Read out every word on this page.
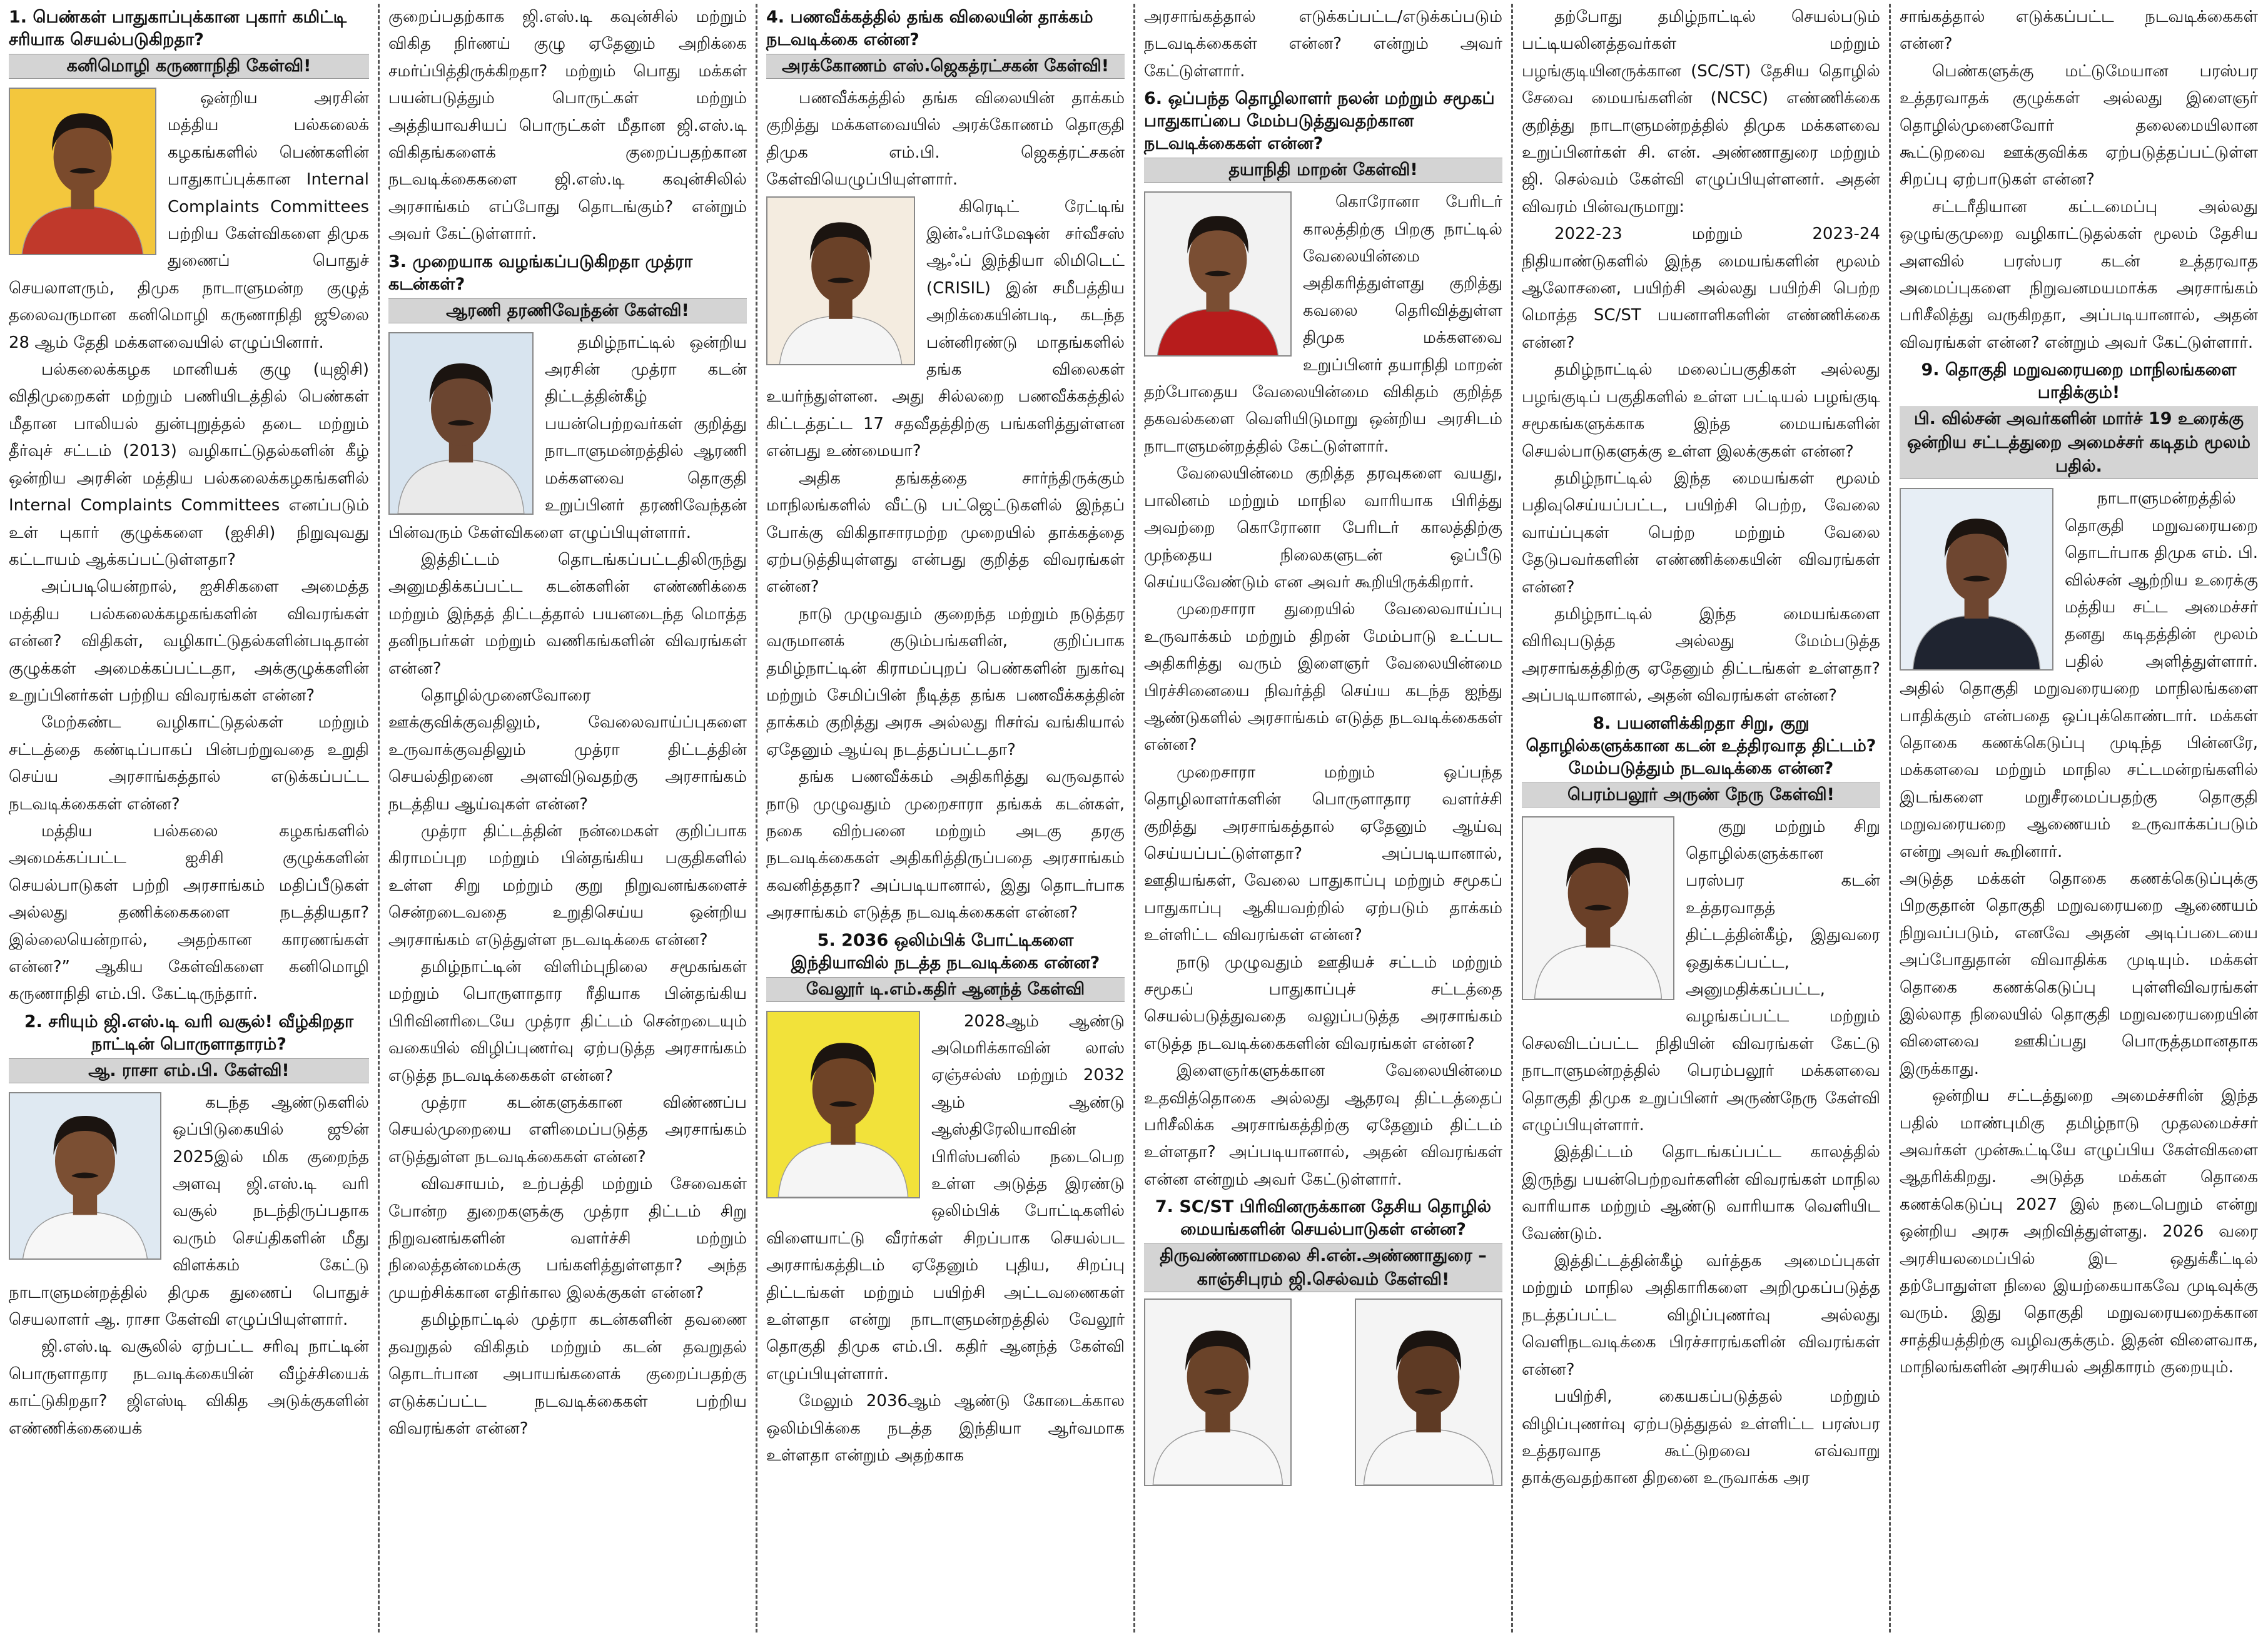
1. பெண்கள் பாதுகாப்புக்கான புகார் கமிட்டி சரியாக செயல்படுகிறதா?
கனிமொழி கருணாநிதி கேள்வி!

ஒன்றிய அரசின் மத்திய பல்கலைக் கழகங்களில் பெண்களின் பாதுகாப்புக்கான Internal Complaints Committees பற்றிய கேள்விகளை திமுக துணைப் பொதுச் செயலாளரும், திமுக நாடாளுமன்ற குழுத் தலைவருமான கனிமொழி கருணாநிதி ஜூலை 28 ஆம் தேதி மக்களவையில் எழுப்பினார்.

பல்கலைக்கழக மானியக் குழு (யுஜிசி) விதிமுறைகள் மற்றும் பணியிடத்தில் பெண்கள் மீதான பாலியல் துன்புறுத்தல் தடை மற்றும் தீர்வுச் சட்டம் (2013) வழிகாட்டுதல்களின் கீழ் ஒன்றிய அரசின் மத்திய பல்கலைக்கழகங்களில் Internal Complaints Committees எனப்படும் உள் புகார் குழுக்களை (ஐசிசி) நிறுவுவது கட்டாயம் ஆக்கப்பட்டுள்ளதா?

அப்படியென்றால், ஐசிசிகளை அமைத்த மத்திய பல்கலைக்கழகங்களின் விவரங்கள் என்ன? விதிகள், வழிகாட்டுதல்களின்படிதான் குழுக்கள் அமைக்கப்பட்டதா, அக்குழுக்களின் உறுப்பினர்கள் பற்றிய விவரங்கள் என்ன?

மேற்கண்ட வழிகாட்டுதல்கள் மற்றும் சட்டத்தை கண்டிப்பாகப் பின்பற்றுவதை உறுதி செய்ய அரசாங்கத்தால் எடுக்கப்பட்ட நடவடிக்கைகள் என்ன?

மத்திய பல்கலை கழகங்களில் அமைக்கப்பட்ட ஐசிசி குழுக்களின் செயல்பாடுகள் பற்றி அரசாங்கம் மதிப்பீடுகள் அல்லது தணிக்கைகளை நடத்தியதா? இல்லையென்றால், அதற்கான காரணங்கள் என்ன?” ஆகிய கேள்விகளை கனிமொழி கருணாநிதி எம்.பி. கேட்டிருந்தார்.

2. சரியும் ஜி.எஸ்.டி வரி வசூல்! வீழ்கிறதா நாட்டின் பொருளாதாரம்?
ஆ. ராசா எம்.பி. கேள்வி!

கடந்த ஆண்டுகளில் ஒப்பிடுகையில் ஜூன் 2025இல் மிக குறைந்த அளவு ஜி.எஸ்.டி வரி வசூல் நடந்திருப்பதாக வரும் செய்திகளின் மீது விளக்கம் கேட்டு நாடாளுமன்றத்தில் திமுக துணைப் பொதுச் செயலாளர் ஆ. ராசா கேள்வி எழுப்பியுள்ளார்.

ஜி.எஸ்.டி வசூலில் ஏற்பட்ட சரிவு நாட்டின் பொருளாதார நடவடிக்கையின் வீழ்ச்சியைக் காட்டுகிறதா? ஜிஎஸ்டி விகித அடுக்குகளின் எண்ணிக்கையைக்

குறைப்பதற்காக ஜி.எஸ்.டி கவுன்சில் மற்றும் விகித நிர்ணய் குழு ஏதேனும் அறிக்கை சமர்ப்பித்திருக்கிறதா? மற்றும் பொது மக்கள் பயன்படுத்தும் பொருட்கள் மற்றும் அத்தியாவசியப் பொருட்கள் மீதான ஜி.எஸ்.டி விகிதங்களைக் குறைப்பதற்கான நடவடிக்கைகளை ஜி.எஸ்.டி கவுன்சிலில் அரசாங்கம் எப்போது தொடங்கும்? என்றும் அவர் கேட்டுள்ளார்.

3. முறையாக வழங்கப்படுகிறதா முத்ரா கடன்கள்?
ஆரணி தரணிவேந்தன் கேள்வி!

தமிழ்நாட்டில் ஒன்றிய அரசின் முத்ரா கடன் திட்டத்தின்கீழ் பயன்பெற்றவர்கள் குறித்து நாடாளுமன்றத்தில் ஆரணி மக்களவை தொகுதி உறுப்பினர் தரணிவேந்தன் பின்வரும் கேள்விகளை எழுப்பியுள்ளார்.

இத்திட்டம் தொடங்கப்பட்டதிலிருந்து அனுமதிக்கப்பட்ட கடன்களின் எண்ணிக்கை மற்றும் இந்தத் திட்டத்தால் பயனடைந்த மொத்த தனிநபர்கள் மற்றும் வணிகங்களின் விவரங்கள் என்ன?

தொழில்முனைவோரை ஊக்குவிக்குவதிலும், வேலைவாய்ப்புகளை உருவாக்குவதிலும் முத்ரா திட்டத்தின் செயல்திறனை அளவிடுவதற்கு அரசாங்கம் நடத்திய ஆய்வுகள் என்ன?

முத்ரா திட்டத்தின் நன்மைகள் குறிப்பாக கிராமப்புற மற்றும் பின்தங்கிய பகுதிகளில் உள்ள சிறு மற்றும் குறு நிறுவனங்களைச் சென்றடைவதை உறுதிசெய்ய ஒன்றிய அரசாங்கம் எடுத்துள்ள நடவடிக்கை என்ன?

தமிழ்நாட்டின் விளிம்புநிலை சமூகங்கள் மற்றும் பொருளாதார ரீதியாக பின்தங்கிய பிரிவினரிடையே முத்ரா திட்டம் சென்றடையும் வகையில் விழிப்புணர்வு ஏற்படுத்த அரசாங்கம் எடுத்த நடவடிக்கைகள் என்ன?

முத்ரா கடன்களுக்கான விண்ணப்ப செயல்முறையை எளிமைப்படுத்த அரசாங்கம் எடுத்துள்ள நடவடிக்கைகள் என்ன?

விவசாயம், உற்பத்தி மற்றும் சேவைகள் போன்ற துறைகளுக்கு முத்ரா திட்டம் சிறு நிறுவனங்களின் வளர்ச்சி மற்றும் நிலைத்தன்மைக்கு பங்களித்துள்ளதா? அந்த முயற்சிக்கான எதிர்கால இலக்குகள் என்ன?

தமிழ்நாட்டில் முத்ரா கடன்களின் தவணை தவறுதல் விகிதம் மற்றும் கடன் தவறுதல் தொடர்பான அபாயங்களைக் குறைப்பதற்கு எடுக்கப்பட்ட நடவடிக்கைகள் பற்றிய விவரங்கள் என்ன?

4. பணவீக்கத்தில் தங்க விலையின் தாக்கம் நடவடிக்கை என்ன?
அரக்கோணம் எஸ்.ஜெகத்ரட்சகன் கேள்வி!

பணவீக்கத்தில் தங்க விலையின் தாக்கம் குறித்து மக்களவையில் அரக்கோணம் தொகுதி திமுக எம்.பி. ஜெகத்ரட்சகன் கேள்வியெழுப்பியுள்ளார்.

கிரெடிட் ரேட்டிங் இன்ஃபர்மேஷன் சர்வீசஸ் ஆஃப் இந்தியா லிமிடெட் (CRISIL) இன் சமீபத்திய அறிக்கையின்படி, கடந்த பன்னிரண்டு மாதங்களில் தங்க விலைகள் உயர்ந்துள்ளன. அது சில்லறை பணவீக்கத்தில் கிட்டத்தட்ட 17 சதவீதத்திற்கு பங்களித்துள்ளன என்பது உண்மையா?

அதிக தங்கத்தை சார்ந்திருக்கும் மாநிலங்களில் வீட்டு பட்ஜெட்டுகளில் இந்தப் போக்கு விகிதாசாரமற்ற முறையில் தாக்கத்தை ஏற்படுத்தியுள்ளது என்பது குறித்த விவரங்கள் என்ன?

நாடு முழுவதும் குறைந்த மற்றும் நடுத்தர வருமானக் குடும்பங்களின், குறிப்பாக தமிழ்நாட்டின் கிராமப்புறப் பெண்களின் நுகர்வு மற்றும் சேமிப்பின் நீடித்த தங்க பணவீக்கத்தின் தாக்கம் குறித்து அரசு அல்லது ரிசர்வ் வங்கியால் ஏதேனும் ஆய்வு நடத்தப்பட்டதா?

தங்க பணவீக்கம் அதிகரித்து வருவதால் நாடு முழுவதும் முறைசாரா தங்கக் கடன்கள், நகை விற்பனை மற்றும் அடகு தரகு நடவடிக்கைகள் அதிகரித்திருப்பதை அரசாங்கம் கவனித்ததா? அப்படியானால், இது தொடர்பாக அரசாங்கம் எடுத்த நடவடிக்கைகள் என்ன?

5. 2036 ஒலிம்பிக் போட்டிகளை இந்தியாவில் நடத்த நடவடிக்கை என்ன?
வேலூர் டி.எம்.கதிர் ஆனந்த் கேள்வி

2028ஆம் ஆண்டு அமெரிக்காவின் லாஸ் ஏஞ்சல்ஸ் மற்றும் 2032 ஆம் ஆண்டு ஆஸ்திரேலியாவின் பிரிஸ்பனில் நடைபெற உள்ள அடுத்த இரண்டு ஒலிம்பிக் போட்டிகளில் விளையாட்டு வீரர்கள் சிறப்பாக செயல்பட அரசாங்கத்திடம் ஏதேனும் புதிய, சிறப்பு திட்டங்கள் மற்றும் பயிற்சி அட்டவணைகள் உள்ளதா என்று நாடாளுமன்றத்தில் வேலூர் தொகுதி திமுக எம்.பி. கதிர் ஆனந்த் கேள்வி எழுப்பியுள்ளார்.

மேலும் 2036ஆம் ஆண்டு கோடைக்கால ஒலிம்பிக்கை நடத்த இந்தியா ஆர்வமாக உள்ளதா என்றும் அதற்காக

அரசாங்கத்தால் எடுக்கப்பட்ட/எடுக்கப்படும் நடவடிக்கைகள் என்ன? என்றும் அவர் கேட்டுள்ளார்.

6. ஒப்பந்த தொழிலாளர் நலன் மற்றும் சமூகப் பாதுகாப்பை மேம்படுத்துவதற்கான நடவடிக்கைகள் என்ன?
தயாநிதி மாறன் கேள்வி!

கொரோனா பேரிடர் காலத்திற்கு பிறகு நாட்டில் வேலையின்மை அதிகரித்துள்ளது குறித்து கவலை தெரிவித்துள்ள திமுக மக்களவை உறுப்பினர் தயாநிதி மாறன் தற்போதைய வேலையின்மை விகிதம் குறித்த தகவல்களை வெளியிடுமாறு ஒன்றிய அரசிடம் நாடாளுமன்றத்தில் கேட்டுள்ளார்.

வேலையின்மை குறித்த தரவுகளை வயது, பாலினம் மற்றும் மாநில வாரியாக பிரித்து அவற்றை கொரோனா பேரிடர் காலத்திற்கு முந்தைய நிலைகளுடன் ஒப்பீடு செய்யவேண்டும் என அவர் கூறியிருக்கிறார்.

முறைசாரா துறையில் வேலைவாய்ப்பு உருவாக்கம் மற்றும் திறன் மேம்பாடு உட்பட அதிகரித்து வரும் இளைஞர் வேலையின்மை பிரச்சினையை நிவர்த்தி செய்ய கடந்த ஐந்து ஆண்டுகளில் அரசாங்கம் எடுத்த நடவடிக்கைகள் என்ன?

முறைசாரா மற்றும் ஒப்பந்த தொழிலாளர்களின் பொருளாதார வளர்ச்சி குறித்து அரசாங்கத்தால் ஏதேனும் ஆய்வு செய்யப்பட்டுள்ளதா? அப்படியானால், ஊதியங்கள், வேலை பாதுகாப்பு மற்றும் சமூகப் பாதுகாப்பு ஆகியவற்றில் ஏற்படும் தாக்கம் உள்ளிட்ட விவரங்கள் என்ன?

நாடு முழுவதும் ஊதியச் சட்டம் மற்றும் சமூகப் பாதுகாப்புச் சட்டத்தை செயல்படுத்துவதை வலுப்படுத்த அரசாங்கம் எடுத்த நடவடிக்கைகளின் விவரங்கள் என்ன?

இளைஞர்களுக்கான வேலையின்மை உதவித்தொகை அல்லது ஆதரவு திட்டத்தைப் பரிசீலிக்க அரசாங்கத்திற்கு ஏதேனும் திட்டம் உள்ளதா? அப்படியானால், அதன் விவரங்கள் என்ன என்றும் அவர் கேட்டுள்ளார்.

7. SC/ST பிரிவினருக்கான தேசிய தொழில் மையங்களின் செயல்பாடுகள் என்ன?
திருவண்ணாமலை சி.என்.அண்ணாதுரை – காஞ்சிபுரம் ஜி.செல்வம் கேள்வி!

தற்போது தமிழ்நாட்டில் செயல்படும் பட்டியலினத்தவர்கள் மற்றும் பழங்குடியினருக்கான (SC/ST) தேசிய தொழில் சேவை மையங்களின் (NCSC) எண்ணிக்கை குறித்து நாடாளுமன்றத்தில் திமுக மக்களவை உறுப்பினர்கள் சி. என். அண்ணாதுரை மற்றும் ஜி. செல்வம் கேள்வி எழுப்பியுள்ளனர். அதன் விவரம் பின்வருமாறு:

2022-23 மற்றும் 2023-24 நிதியாண்டுகளில் இந்த மையங்களின் மூலம் ஆலோசனை, பயிற்சி அல்லது பயிற்சி பெற்ற மொத்த SC/ST பயனாளிகளின் எண்ணிக்கை என்ன?

தமிழ்நாட்டில் மலைப்பகுதிகள் அல்லது பழங்குடிப் பகுதிகளில் உள்ள பட்டியல் பழங்குடி சமூகங்களுக்காக இந்த மையங்களின் செயல்பாடுகளுக்கு உள்ள இலக்குகள் என்ன?

தமிழ்நாட்டில் இந்த மையங்கள் மூலம் பதிவுசெய்யப்பட்ட, பயிற்சி பெற்ற, வேலை வாய்ப்புகள் பெற்ற மற்றும் வேலை தேடுபவர்களின் எண்ணிக்கையின் விவரங்கள் என்ன?

தமிழ்நாட்டில் இந்த மையங்களை விரிவுபடுத்த அல்லது மேம்படுத்த அரசாங்கத்திற்கு ஏதேனும் திட்டங்கள் உள்ளதா? அப்படியானால், அதன் விவரங்கள் என்ன?

8. பயனளிக்கிறதா சிறு, குறு தொழில்களுக்கான கடன் உத்திரவாத திட்டம்? மேம்படுத்தும் நடவடிக்கை என்ன?
பெரம்பலூர் அருண் நேரு கேள்வி!

குறு மற்றும் சிறு தொழில்களுக்கான பரஸ்பர கடன் உத்தரவாதத் திட்டத்தின்கீழ், இதுவரை ஒதுக்கப்பட்ட, அனுமதிக்கப்பட்ட, வழங்கப்பட்ட மற்றும் செலவிடப்பட்ட நிதியின் விவரங்கள் கேட்டு நாடாளுமன்றத்தில் பெரம்பலூர் மக்களவை தொகுதி திமுக உறுப்பினர் அருண்நேரு கேள்வி எழுப்பியுள்ளார்.

இத்திட்டம் தொடங்கப்பட்ட காலத்தில் இருந்து பயன்பெற்றவர்களின் விவரங்கள் மாநில வாரியாக மற்றும் ஆண்டு வாரியாக வெளியிட வேண்டும்.

இத்திட்டத்தின்கீழ் வர்த்தக அமைப்புகள் மற்றும் மாநில அதிகாரிகளை அறிமுகப்படுத்த நடத்தப்பட்ட விழிப்புணர்வு அல்லது வெளிநடவடிக்கை பிரச்சாரங்களின் விவரங்கள் என்ன?

பயிற்சி, கையகப்படுத்தல் மற்றும் விழிப்புணர்வு ஏற்படுத்துதல் உள்ளிட்ட பரஸ்பர உத்தரவாத கூட்டுறவை எவ்வாறு தாக்குவதற்கான திறனை உருவாக்க அர

சாங்கத்தால் எடுக்கப்பட்ட நடவடிக்கைகள் என்ன?

பெண்களுக்கு மட்டுமேயான பரஸ்பர உத்தரவாதக் குழுக்கள் அல்லது இளைஞர் தொழில்முனைவோர் தலைமையிலான கூட்டுறவை ஊக்குவிக்க ஏற்படுத்தப்பட்டுள்ள சிறப்பு ஏற்பாடுகள் என்ன?

சட்டரீதியான கட்டமைப்பு அல்லது ஒழுங்குமுறை வழிகாட்டுதல்கள் மூலம் தேசிய அளவில் பரஸ்பர கடன் உத்தரவாத அமைப்புகளை நிறுவனமயமாக்க அரசாங்கம் பரிசீலித்து வருகிறதா, அப்படியானால், அதன் விவரங்கள் என்ன? என்றும் அவர் கேட்டுள்ளார்.

9. தொகுதி மறுவரையறை மாநிலங்களை பாதிக்கும்!
பி. வில்சன் அவர்களின் மார்ச் 19 உரைக்கு ஒன்றிய சட்டத்துறை அமைச்சர் கடிதம் மூலம் பதில்.

நாடாளுமன்றத்தில் தொகுதி மறுவரையறை தொடர்பாக திமுக எம். பி. வில்சன் ஆற்றிய உரைக்கு மத்திய சட்ட அமைச்சர் தனது கடிதத்தின் மூலம் பதில் அளித்துள்ளார். அதில் தொகுதி மறுவரையறை மாநிலங்களை பாதிக்கும் என்பதை ஒப்புக்கொண்டார். மக்கள் தொகை கணக்கெடுப்பு முடிந்த பின்னரே, மக்களவை மற்றும் மாநில சட்டமன்றங்களில் இடங்களை மறுசீரமைப்பதற்கு தொகுதி மறுவரையறை ஆணையம் உருவாக்கப்படும் என்று அவர் கூறினார்.

அடுத்த மக்கள் தொகை கணக்கெடுப்புக்கு பிறகுதான் தொகுதி மறுவரையறை ஆணையம் நிறுவப்படும், எனவே அதன் அடிப்படையை அப்போதுதான் விவாதிக்க முடியும். மக்கள் தொகை கணக்கெடுப்பு புள்ளிவிவரங்கள் இல்லாத நிலையில் தொகுதி மறுவரையறையின் விளைவை ஊகிப்பது பொருத்தமானதாக இருக்காது.

ஒன்றிய சட்டத்துறை அமைச்சரின் இந்த பதில் மாண்புமிகு தமிழ்நாடு முதலமைச்சர் அவர்கள் முன்கூட்டியே எழுப்பிய கேள்விகளை ஆதரிக்கிறது. அடுத்த மக்கள் தொகை கணக்கெடுப்பு 2027 இல் நடைபெறும் என்று ஒன்றிய அரசு அறிவித்துள்ளது. 2026 வரை அரசியலமைப்பில் இட ஒதுக்கீட்டில் தற்போதுள்ள நிலை இயற்கையாகவே முடிவுக்கு வரும். இது தொகுதி மறுவரையறைக்கான சாத்தியத்திற்கு வழிவகுக்கும். இதன் விளைவாக, மாநிலங்களின் அரசியல் அதிகாரம் குறையும்.
